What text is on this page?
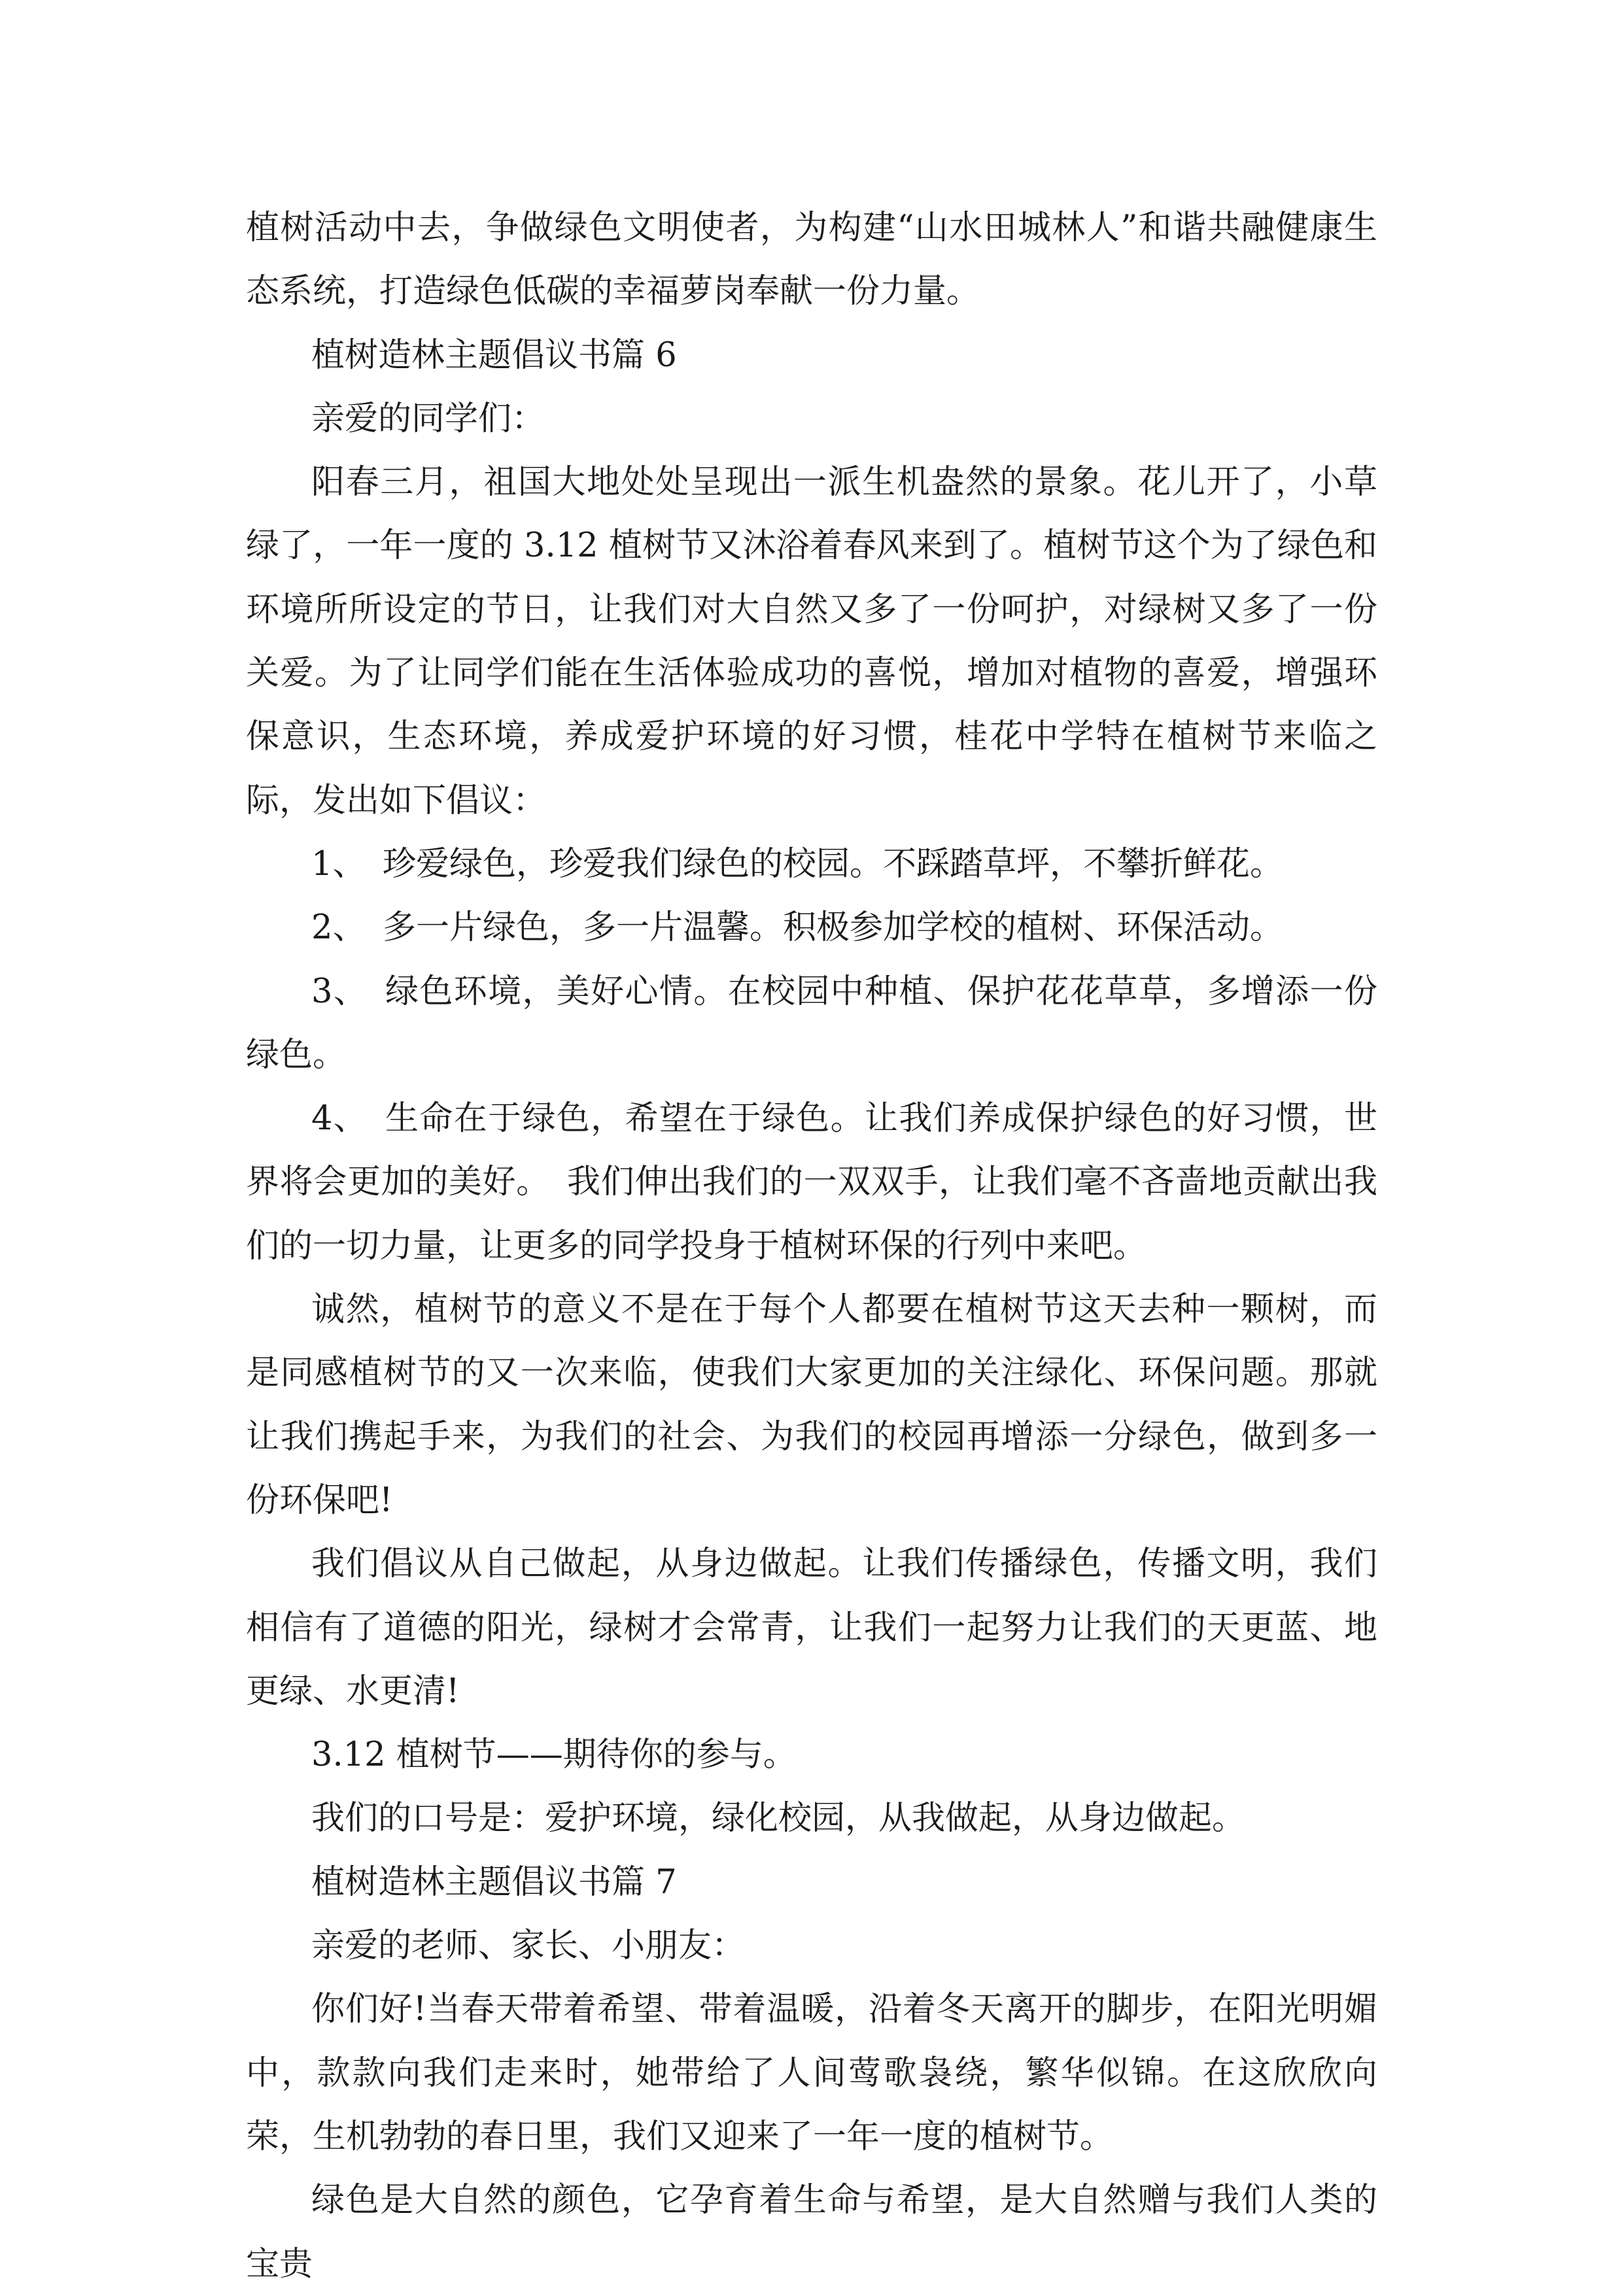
植树活动中去，争做绿色文明使者，为构建“山水田城林人”和谐共融健康生态系统，打造绿色低碳的幸福萝岗奉献一份力量。

植树造林主题倡议书篇 6

亲爱的同学们：

阳春三月，祖国大地处处呈现出一派生机盎然的景象。花儿开了，小草绿了，一年一度的 3.12 植树节又沐浴着春风来到了。植树节这个为了绿色和环境所所设定的节日，让我们对大自然又多了一份呵护，对绿树又多了一份关爱。为了让同学们能在生活体验成功的喜悦，增加对植物的喜爱，增强环保意识，生态环境，养成爱护环境的好习惯，桂花中学特在植树节来临之际，发出如下倡议：

1、　珍爱绿色，珍爱我们绿色的校园。不踩踏草坪，不攀折鲜花。

2、　多一片绿色，多一片温馨。积极参加学校的植树、环保活动。

3、　绿色环境，美好心情。在校园中种植、保护花花草草，多增添一份绿色。

4、　生命在于绿色，希望在于绿色。让我们养成保护绿色的好习惯，世界将会更加的美好。　我们伸出我们的一双双手，让我们毫不吝啬地贡献出我们的一切力量，让更多的同学投身于植树环保的行列中来吧。

诚然，植树节的意义不是在于每个人都要在植树节这天去种一颗树，而是同感植树节的又一次来临，使我们大家更加的关注绿化、环保问题。那就让我们携起手来，为我们的社会、为我们的校园再增添一分绿色，做到多一份环保吧!

我们倡议从自己做起，从身边做起。让我们传播绿色，传播文明，我们相信有了道德的阳光，绿树才会常青，让我们一起努力让我们的天更蓝、地更绿、水更清!

3.12 植树节——期待你的参与。

我们的口号是：爱护环境，绿化校园，从我做起，从身边做起。

植树造林主题倡议书篇 7

亲爱的老师、家长、小朋友：

你们好!当春天带着希望、带着温暖，沿着冬天离开的脚步，在阳光明媚中，款款向我们走来时，她带给了人间莺歌袅绕，繁华似锦。在这欣欣向荣，生机勃勃的春日里，我们又迎来了一年一度的植树节。

绿色是大自然的颜色，它孕育着生命与希望，是大自然赠与我们人类的宝贵
